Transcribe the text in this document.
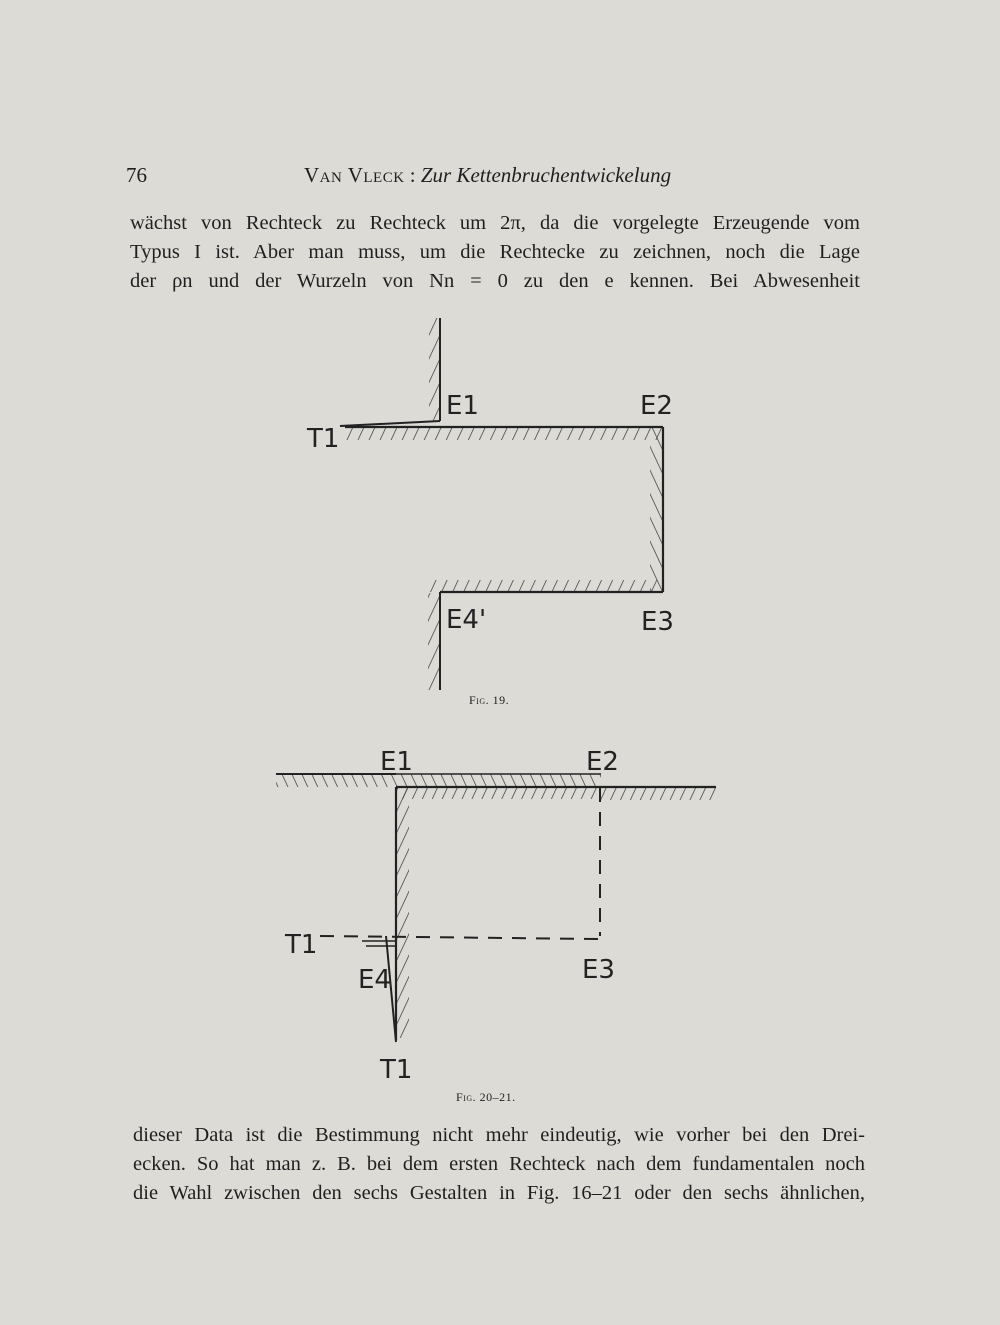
76	Van Vleck : Zur Kettenbruchentwickelung
wächst von Rechteck zu Rechteck um 2π, da die vorgelegte Erzeugende vom
Typus I ist. Aber man muss, um die Rechtecke zu zeichnen, noch die Lage
der ρn und der Wurzeln von Nn = 0 zu den e kennen. Bei Abwesenheit
T1
E1	E2
E3
E4'
Fig. 19.
E1	E2
E3
E4
T1
T1
Fig. 20–21.
dieser Data ist die Bestimmung nicht mehr eindeutig, wie vorher bei den Drei-
ecken. So hat man z. B. bei dem ersten Rechteck nach dem fundamentalen noch
die Wahl zwischen den sechs Gestalten in Fig. 16–21 oder den sechs ähnlichen,
